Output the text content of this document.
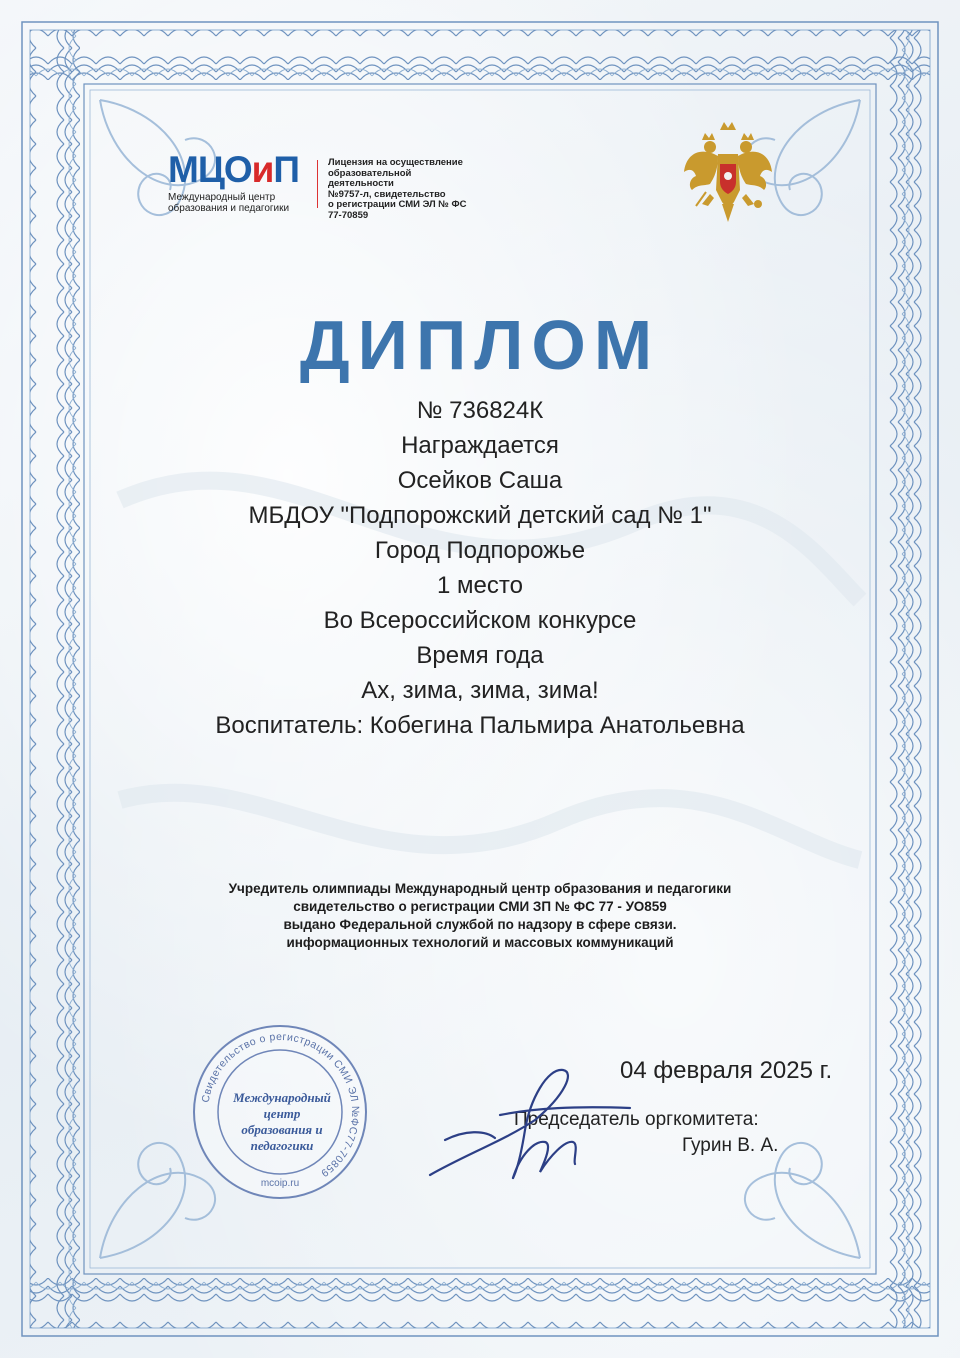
МЦОиП
Международный центр
образования и педагогики
Лицензия на осуществление
образовательной деятельности
№9757-л, свидетельство
о регистрации СМИ ЭЛ № ФС
77-70859
ДИПЛОМ
№ 736824К
Награждается
Осейков Саша
МБДОУ "Подпорожский детский сад № 1"
Город Подпорожье
1 место
Во Всероссийском конкурсе
Время года
Ах, зима, зима, зима!
Воспитатель: Кобегина Пальмира Анатольевна
Учредитель олимпиады Международный центр образования и педагогики
свидетельство о регистрации СМИ ЗП № ФС 77 - УО859
выдано Федеральной службой по надзору в сфере связи.
информационных технологий и массовых коммуникаций
Свидетельство о регистрации СМИ ЭЛ №ФС77-70859
Международный
центр
образования и
педагогики
mcoip.ru
04 февраля 2025 г.
Председатель оргкомитета:
Гурин В. А.
